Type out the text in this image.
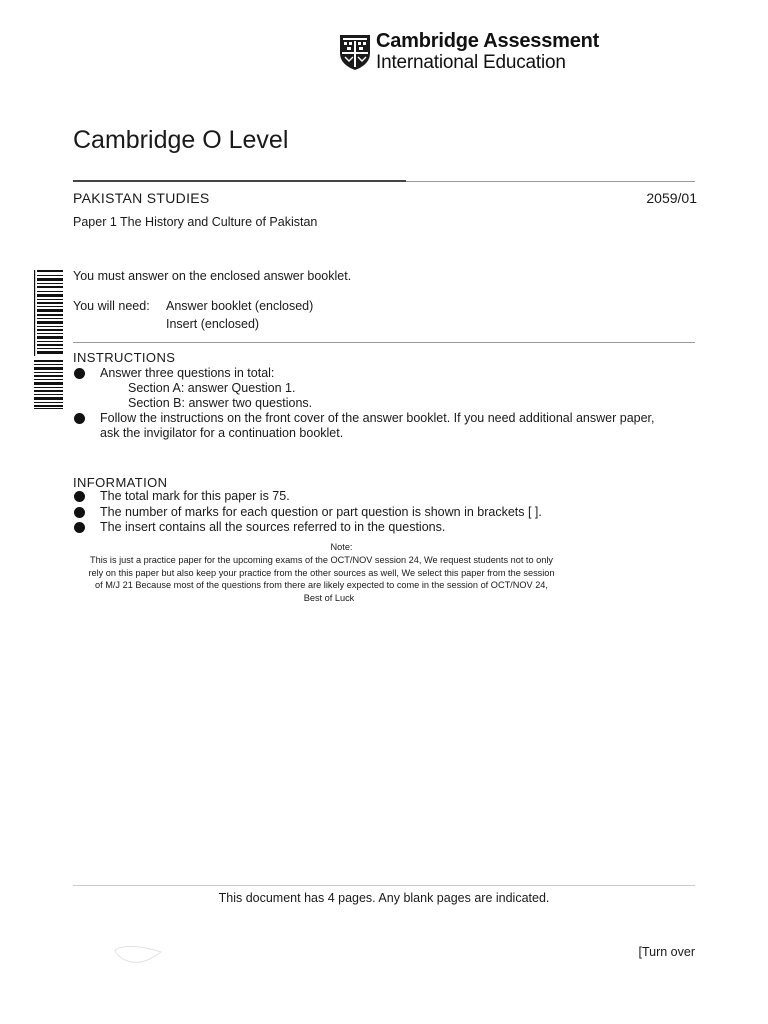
Cambridge Assessment
International Education
Cambridge O Level
PAKISTAN STUDIES	2059/01
Paper 1 The History and Culture of Pakistan
You must answer on the enclosed answer booklet.
You will need: Answer booklet (enclosed)
Insert (enclosed)
INSTRUCTIONS
Answer three questions in total:
Section A: answer Question 1.
Section B: answer two questions.
Follow the instructions on the front cover of the answer booklet. If you need additional answer paper,
ask the invigilator for a continuation booklet.
INFORMATION
The total mark for this paper is 75.
The number of marks for each question or part question is shown in brackets [ ].
The insert contains all the sources referred to in the questions.
Note:
This is just a practice paper for the upcoming exams of the OCT/NOV session 24, We request students not to only
rely on this paper but also keep your practice from the other sources as well, We select this paper from the session
of M/J 21 Because most of the questions from there are likely expected to come in the session of OCT/NOV 24,
Best of Luck
This document has 4 pages. Any blank pages are indicated.
[Turn over
